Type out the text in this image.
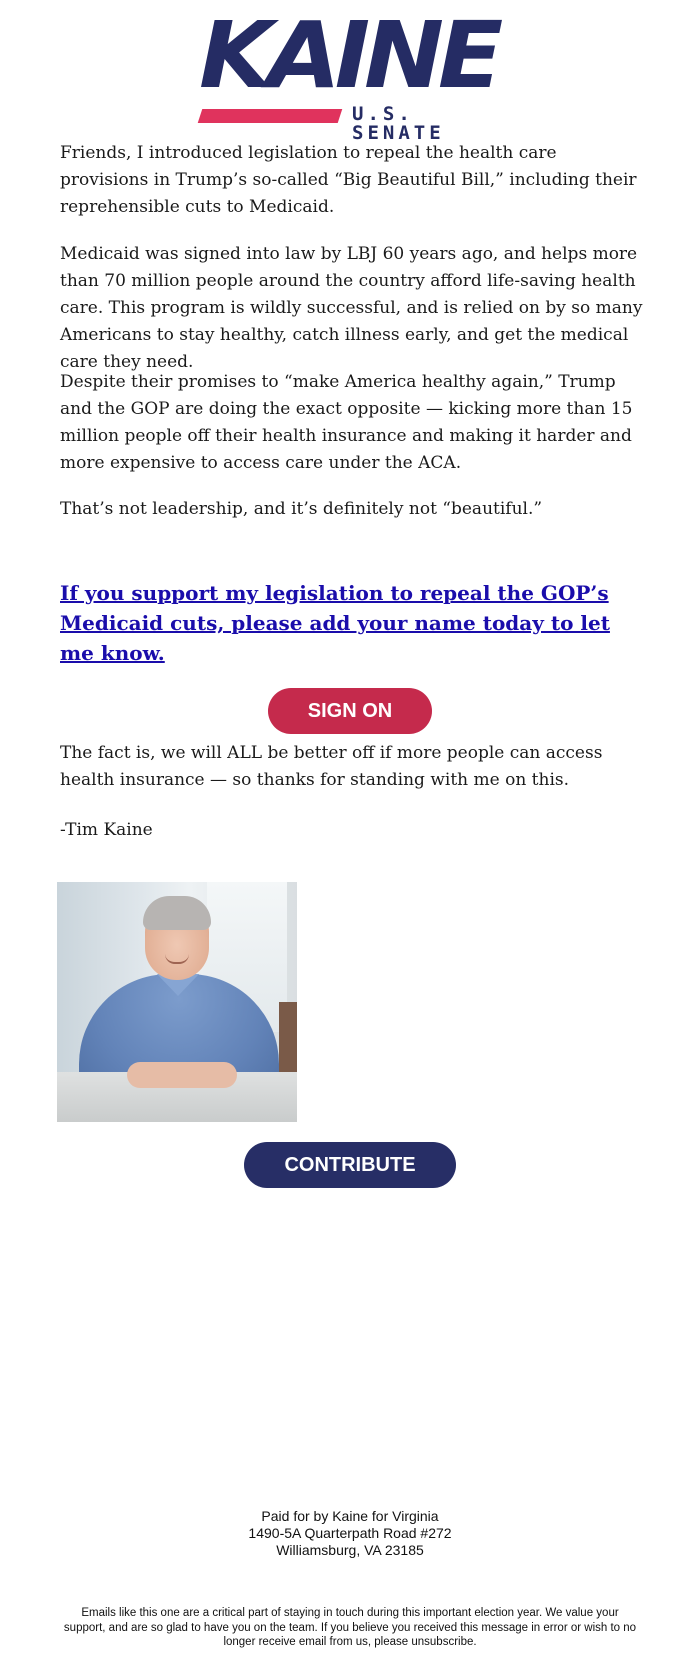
KAINE
U.S. SENATE

Friends, I introduced legislation to repeal the health care provisions in Trump’s so-called “Big Beautiful Bill,” including their reprehensible cuts to Medicaid.

Medicaid was signed into law by LBJ 60 years ago, and helps more than 70 million people around the country afford life-saving health care. This program is wildly successful, and is relied on by so many Americans to stay healthy, catch illness early, and get the medical care they need.

Despite their promises to “make America healthy again,” Trump and the GOP are doing the exact opposite — kicking more than 15 million people off their health insurance and making it harder and more expensive to access care under the ACA.

That’s not leadership, and it’s definitely not “beautiful.”

If you support my legislation to repeal the GOP’s Medicaid cuts, please add your name today to let me know.
SIGN ON

The fact is, we will ALL be better off if more people can access health insurance — so thanks for standing with me on this.

-Tim Kaine

CONTRIBUTE
Paid for by Kaine for Virginia
1490-5A Quarterpath Road #272
Williamsburg, VA 23185
Emails like this one are a critical part of staying in touch during this important election year. We value your support, and are so glad to have you on the team. If you believe you received this message in error or wish to no longer receive email from us, please unsubscribe.
